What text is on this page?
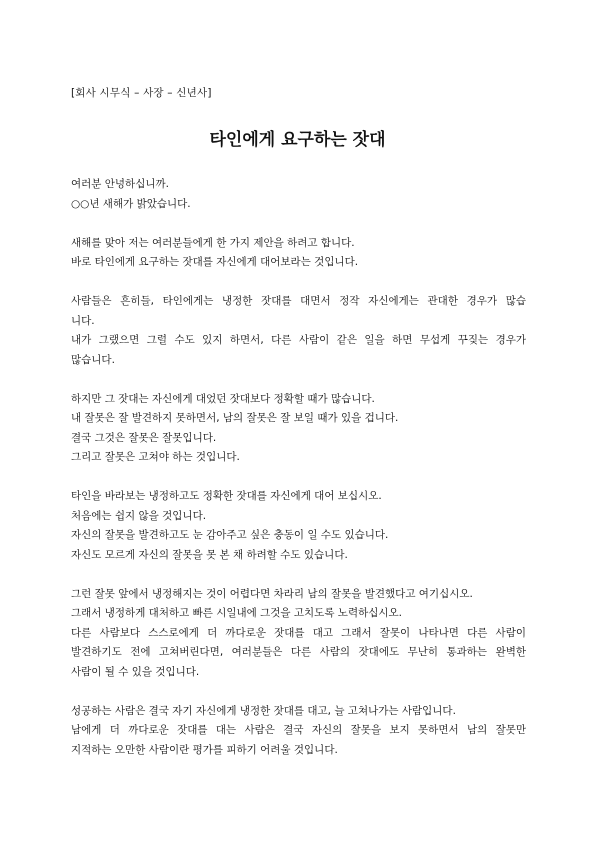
[회사 시무식 – 사장 – 신년사]
타인에게 요구하는 잣대
여러분 안녕하십니까.
○○년 새해가 밝았습니다.
새해를 맞아 저는 여러분들에게 한 가지 제안을 하려고 합니다.
바로 타인에게 요구하는 잣대를 자신에게 대어보라는 것입니다.
사람들은 흔히들, 타인에게는 냉정한 잣대를 대면서 정작 자신에게는 관대한 경우가 많습
니다.
내가 그랬으면 그럴 수도 있지 하면서, 다른 사람이 같은 일을 하면 무섭게 꾸짖는 경우가
많습니다.
하지만 그 잣대는 자신에게 대었던 잣대보다 정확할 때가 많습니다.
내 잘못은 잘 발견하지 못하면서, 남의 잘못은 잘 보일 때가 있을 겁니다.
결국 그것은 잘못은 잘못입니다.
그리고 잘못은 고쳐야 하는 것입니다.
타인을 바라보는 냉정하고도 정확한 잣대를 자신에게 대어 보십시오.
처음에는 쉽지 않을 것입니다.
자신의 잘못을 발견하고도 눈 감아주고 싶은 충동이 일 수도 있습니다.
자신도 모르게 자신의 잘못을 못 본 채 하려할 수도 있습니다.
그런 잘못 앞에서 냉정해지는 것이 어렵다면 차라리 남의 잘못을 발견했다고 여기십시오.
그래서 냉정하게 대처하고 빠른 시일내에 그것을 고치도록 노력하십시오.
다른 사람보다 스스로에게 더 까다로운 잣대를 대고 그래서 잘못이 나타나면 다른 사람이
발견하기도 전에 고쳐버린다면, 여러분들은 다른 사람의 잣대에도 무난히 통과하는 완벽한
사람이 될 수 있을 것입니다.
성공하는 사람은 결국 자기 자신에게 냉정한 잣대를 대고, 늘 고쳐나가는 사람입니다.
남에게 더 까다로운 잣대를 대는 사람은 결국 자신의 잘못을 보지 못하면서 남의 잘못만
지적하는 오만한 사람이란 평가를 피하기 어려울 것입니다.
